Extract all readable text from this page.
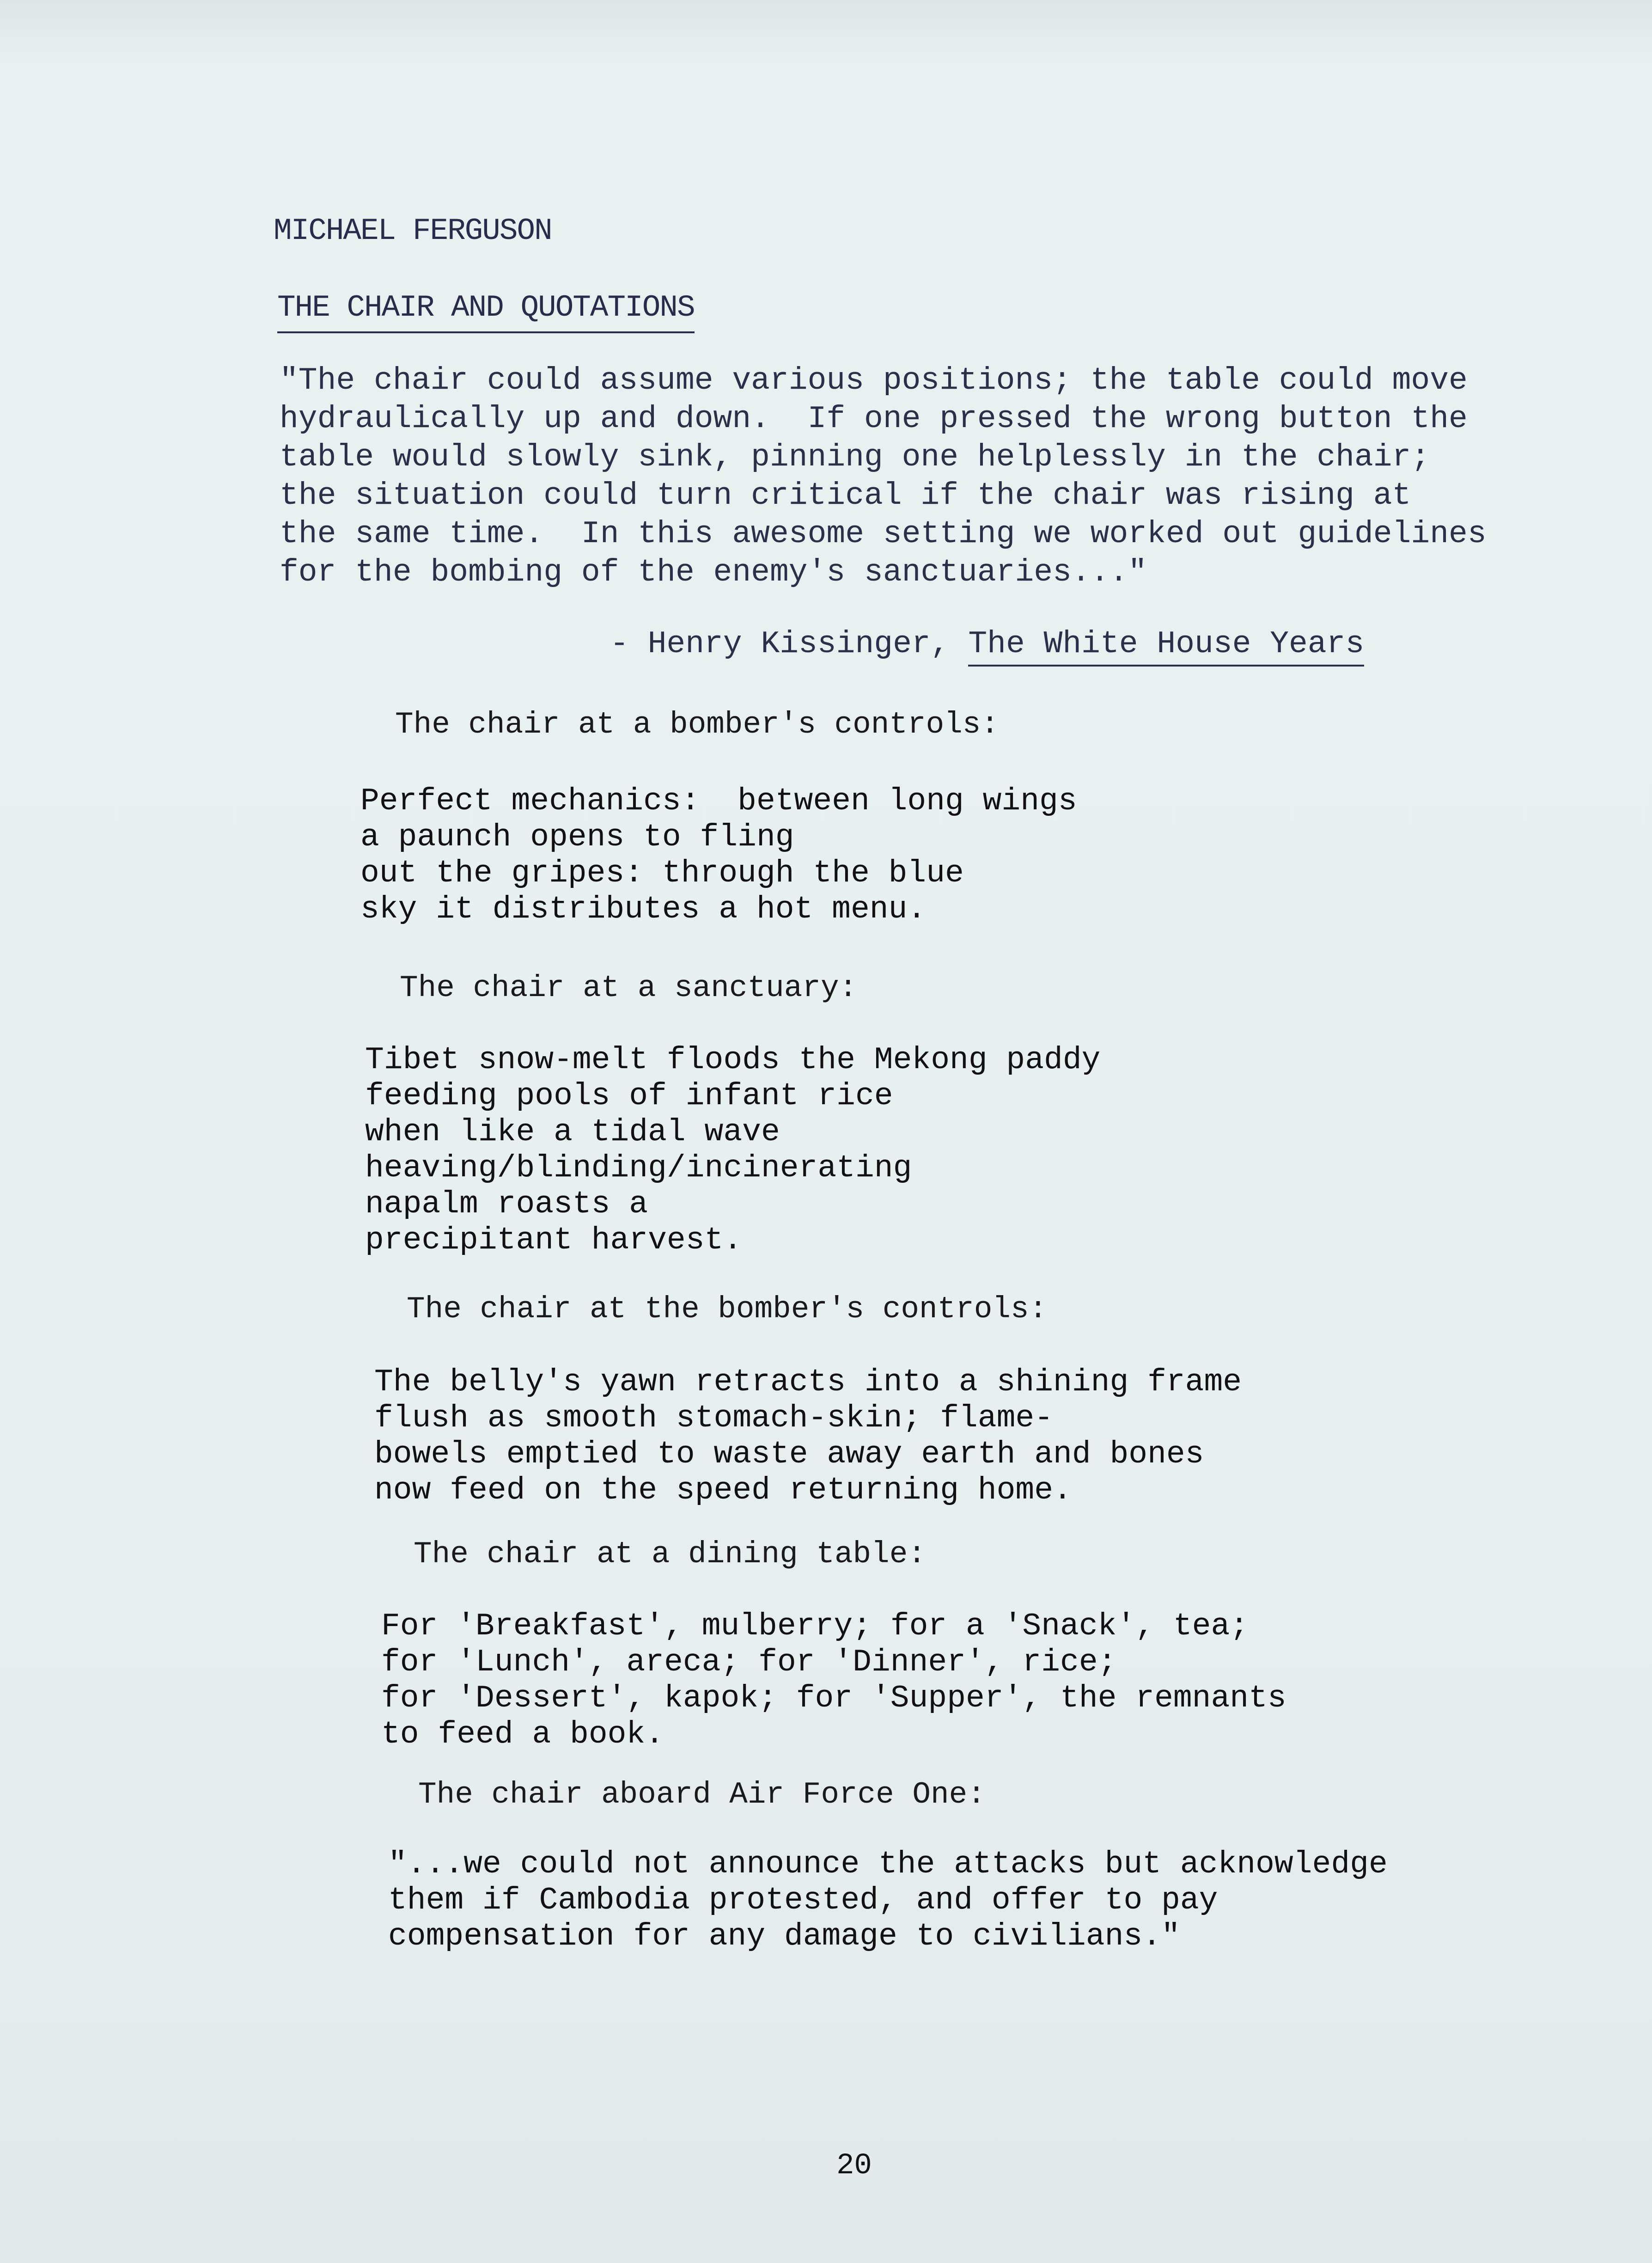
MICHAEL FERGUSON
THE CHAIR AND QUOTATIONS
"The chair could assume various positions; the table could move
hydraulically up and down.  If one pressed the wrong button the
table would slowly sink, pinning one helplessly in the chair;
the situation could turn critical if the chair was rising at
the same time.  In this awesome setting we worked out guidelines
for the bombing of the enemy's sanctuaries..."
- Henry Kissinger, The White House Years
The chair at a bomber's controls:
Perfect mechanics:  between long wings
a paunch opens to fling
out the gripes: through the blue
sky it distributes a hot menu.
The chair at a sanctuary:
Tibet snow-melt floods the Mekong paddy
feeding pools of infant rice
when like a tidal wave
heaving/blinding/incinerating
napalm roasts a
precipitant harvest.
The chair at the bomber's controls:
The belly's yawn retracts into a shining frame
flush as smooth stomach-skin; flame-
bowels emptied to waste away earth and bones
now feed on the speed returning home.
The chair at a dining table:
For 'Breakfast', mulberry; for a 'Snack', tea;
for 'Lunch', areca; for 'Dinner', rice;
for 'Dessert', kapok; for 'Supper', the remnants
to feed a book.
The chair aboard Air Force One:
"...we could not announce the attacks but acknowledge
them if Cambodia protested, and offer to pay
compensation for any damage to civilians."
20
